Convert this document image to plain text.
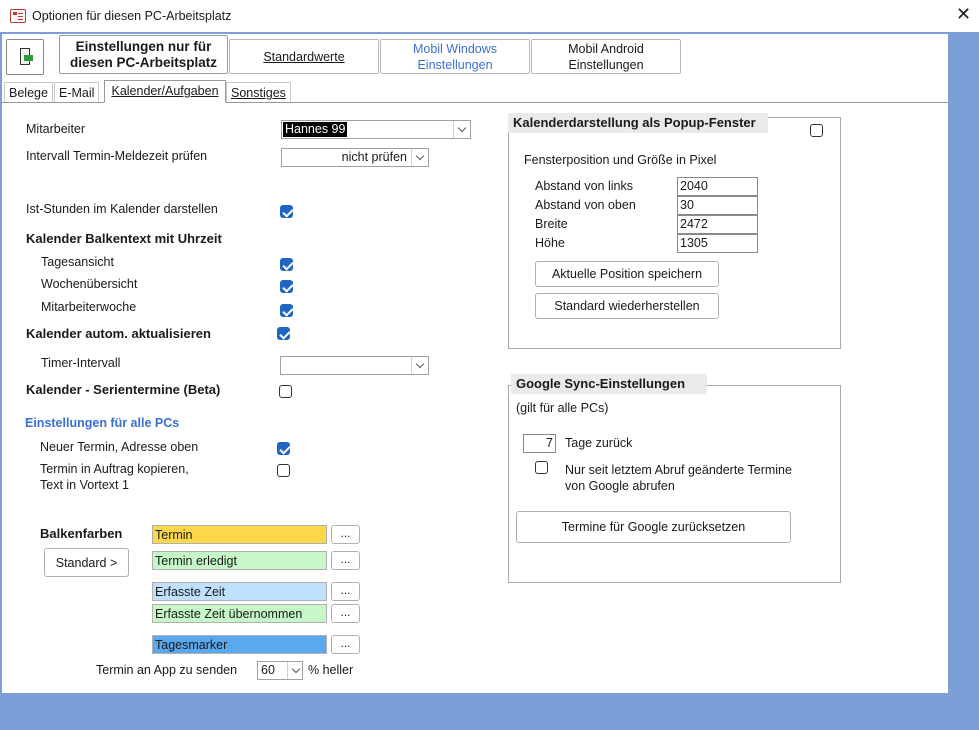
Optionen für diesen PC-Arbeitsplatz	✕
Einstellungen nur für diesen PC-Arbeitsplatz	Standardwerte
Mobil Windows Einstellungen
Mobil Android Einstellungen
Belege E-Mail	Kalender/Aufgaben Sonstiges
Mitarbeiter	Hannes 99
Intervall Termin-Meldezeit prüfen	nicht prüfen
Ist-Stunden im Kalender darstellen
Kalender Balkentext mit Uhrzeit
Tagesansicht
Wochenübersicht
Mitarbeiterwoche
Kalender autom. aktualisieren
Timer-Intervall
Kalender - Serientermine (Beta)
Einstellungen für alle PCs
Neuer Termin, Adresse oben
Termin in Auftrag kopieren,
Text in Vortext 1
Balkenfarben
Standard >
Termin	...
Termin erledigt	...
Erfasste Zeit	...
Erfasste Zeit übernommen	...
Tagesmarker	...
Termin an App zu senden 60	% heller
Kalenderdarstellung als Popup-Fenster
Fensterposition und Größe in Pixel
Abstand von links	2040
Abstand von oben	30
Breite	2472
Höhe	1305
Aktuelle Position speichern
Standard wiederherstellen
Google Sync-Einstellungen
(gilt für alle PCs)
7 Tage zurück
Nur seit letztem Abruf geänderte Termine
von Google abrufen
Termine für Google zurücksetzen
